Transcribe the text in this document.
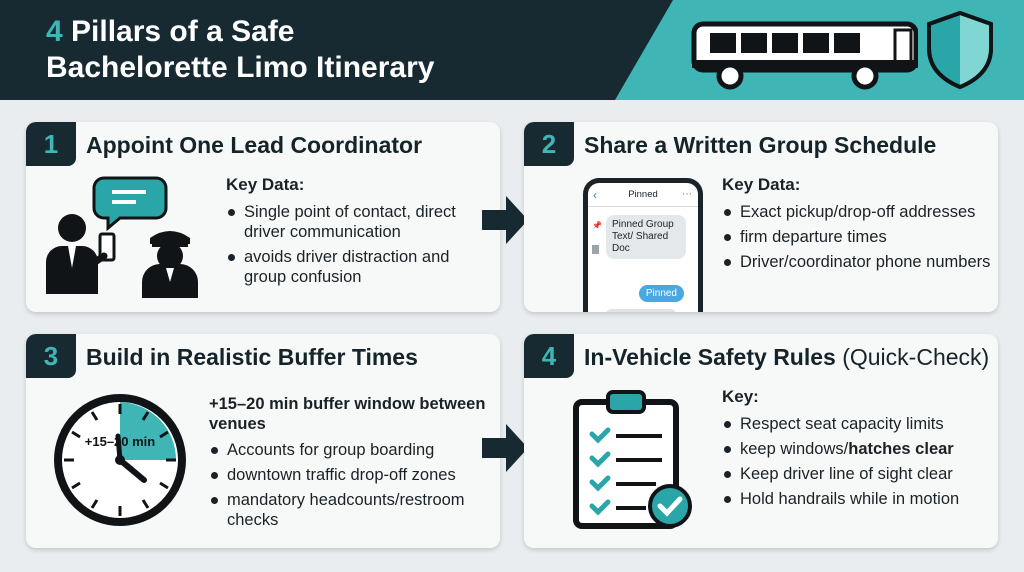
4 Pillars of a Safe
Bachelorette Limo Itinerary
1	Appoint One Lead Coordinator
Key Data:
Single point of contact, direct driver communication
avoids driver distraction and group confusion
2	Share a Written Group Schedule
‹	Pinned ⋯
📌	Pinned Group Text/ Shared Doc
Pinned
Key Data:
Exact pickup/drop-off addresses
firm departure times
Driver/coordinator phone numbers
3	Build in Realistic Buffer Times
+15–20 min
+15–20 min buffer window between venues
Accounts for group boarding
downtown traffic drop-off zones
mandatory headcounts/restroom checks
4	In-Vehicle Safety Rules (Quick-Check)
Key:
Respect seat capacity limits
keep windows/hatches clear
Keep driver line of sight clear
Hold handrails while in motion
